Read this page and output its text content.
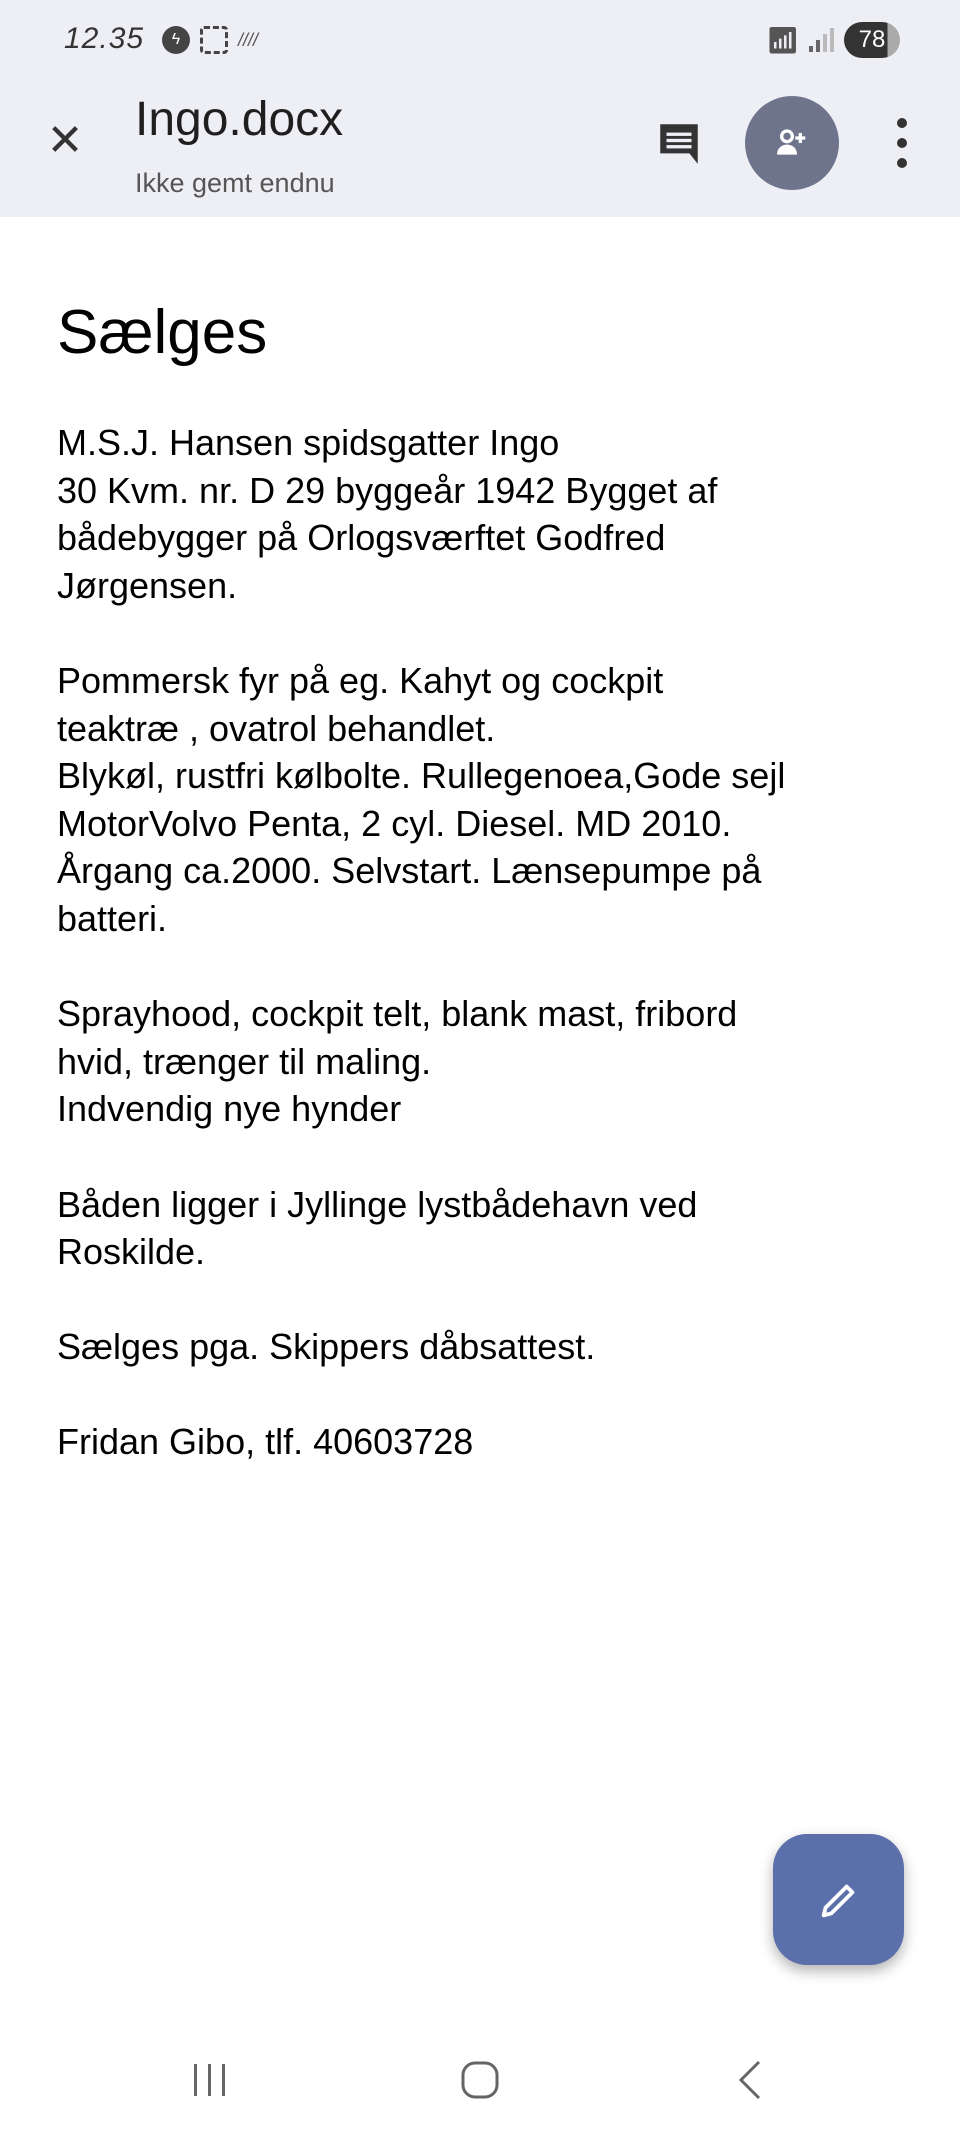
12.35	ϟ	////	📶︎	78
✕ Ingo.docx
Ikke gemt endnu
Sælges
M.S.J. Hansen spidsgatter Ingo
30 Kvm. nr. D 29 byggeår 1942 Bygget af
bådebygger på Orlogsværftet Godfred
Jørgensen.
Pommersk fyr på eg. Kahyt og cockpit
teaktræ , ovatrol behandlet.
Blykøl, rustfri kølbolte. Rullegenoea,Gode sejl
MotorVolvo Penta, 2 cyl. Diesel. MD 2010.
Årgang ca.2000. Selvstart. Lænsepumpe på
batteri.
Sprayhood, cockpit telt, blank mast, fribord
hvid, trænger til maling.
Indvendig nye hynder
Båden ligger i Jyllinge lystbådehavn ved
Roskilde.
Sælges pga. Skippers dåbsattest.
Fridan Gibo, tlf. 40603728
